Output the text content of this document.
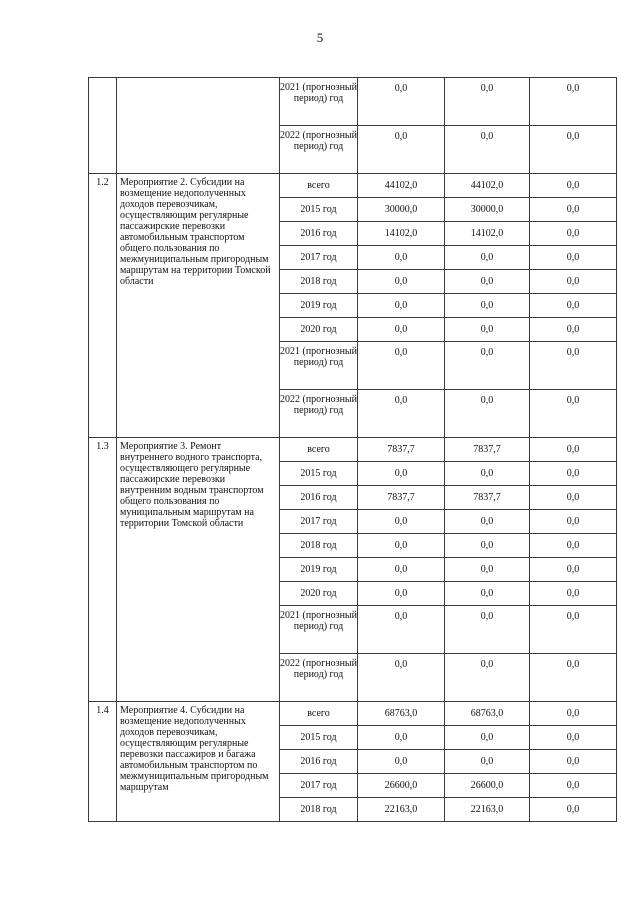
5
		2021 (прогнозный период) год	0,0	0,0	0,0
		2022 (прогнозный период) год	0,0	0,0	0,0
1.2	Мероприятие 2. Субсидии на возмещение недополученных доходов перевозчикам, осуществляющим регулярные пассажирские перевозки автомобильным транспортом общего пользования по межмуниципальным пригородным маршрутам на территории Томской области	всего	44102,0	44102,0	0,0
		2015 год	30000,0	30000,0	0,0
		2016 год	14102,0	14102,0	0,0
		2017 год	0,0	0,0	0,0
		2018 год	0,0	0,0	0,0
		2019 год	0,0	0,0	0,0
		2020 год	0,0	0,0	0,0
		2021 (прогнозный период) год	0,0	0,0	0,0
		2022 (прогнозный период) год	0,0	0,0	0,0
1.3	Мероприятие 3. Ремонт внутреннего водного транспорта, осуществляющего регулярные пассажирские перевозки внутренним водным транспортом общего пользования по муниципальным маршрутам на территории Томской области	всего	7837,7	7837,7	0,0
		2015 год	0,0	0,0	0,0
		2016 год	7837,7	7837,7	0,0
		2017 год	0,0	0,0	0,0
		2018 год	0,0	0,0	0,0
		2019 год	0,0	0,0	0,0
		2020 год	0,0	0,0	0,0
		2021 (прогнозный период) год	0,0	0,0	0,0
		2022 (прогнозный период) год	0,0	0,0	0,0
1.4	Мероприятие 4. Субсидии на возмещение недополученных доходов перевозчикам, осуществляющим регулярные перевозки пассажиров и багажа автомобильным транспортом по межмуниципальным пригородным маршрутам	всего	68763,0	68763,0	0,0
		2015 год	0,0	0,0	0,0
		2016 год	0,0	0,0	0,0
		2017 год	26600,0	26600,0	0,0
		2018 год	22163,0	22163,0	0,0
